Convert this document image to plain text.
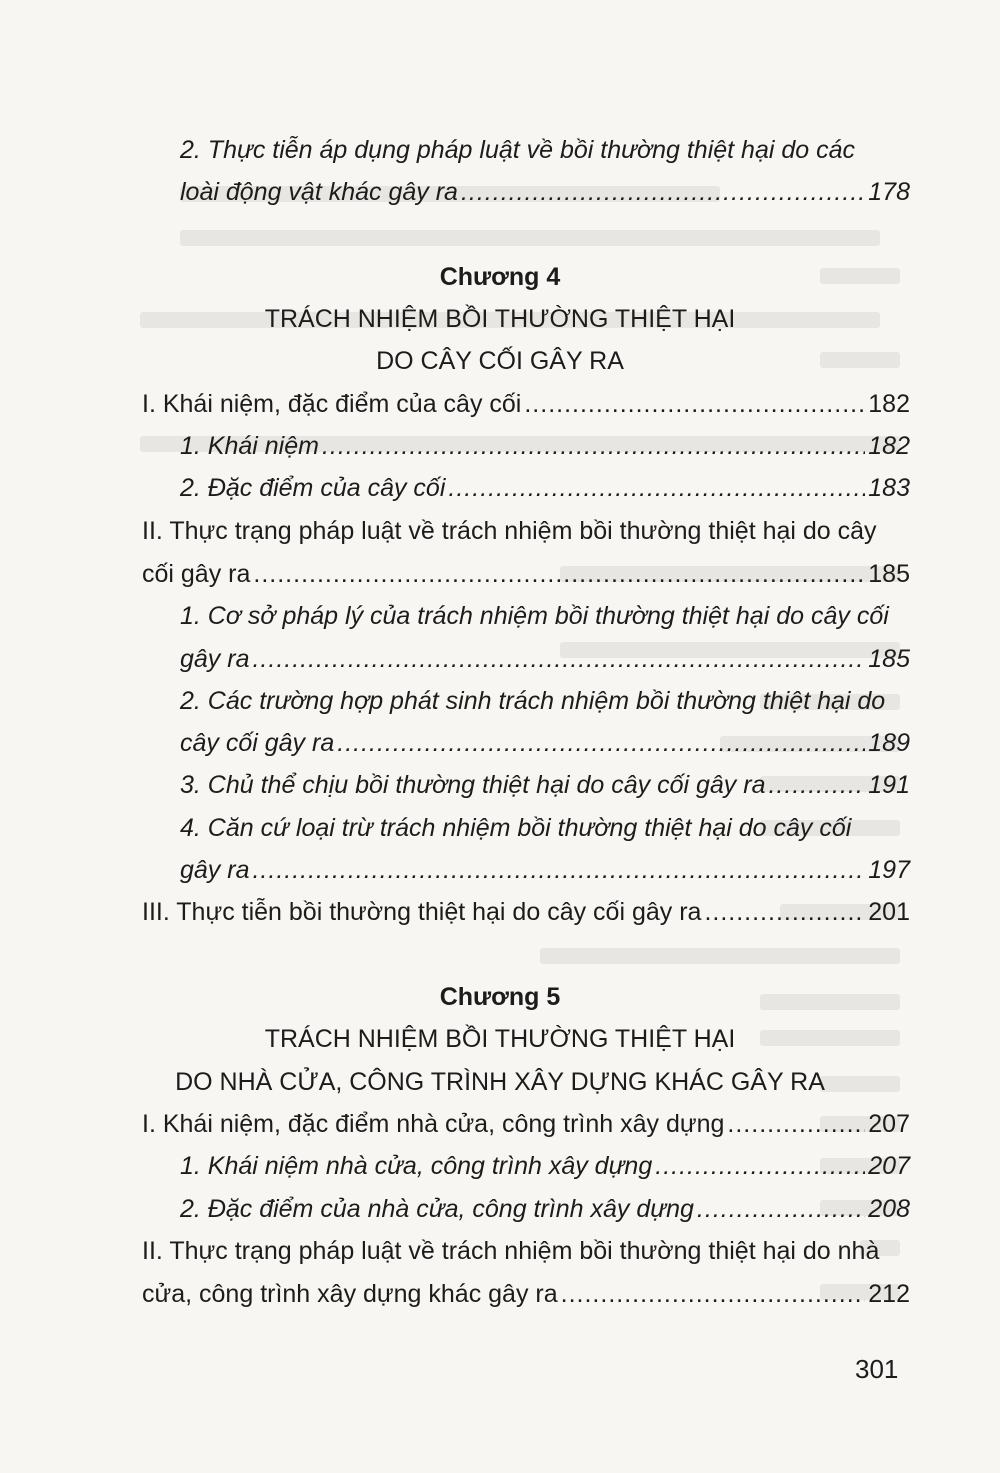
2. Thực tiễn áp dụng pháp luật về bồi thường thiệt hại do các
loài động vật khác gây ra .....	178
Chương 4
TRÁCH NHIỆM BỒI THƯỜNG THIỆT HẠI
DO CÂY CỐI GÂY RA
I. Khái niệm, đặc điểm của cây cối .....	182
1. Khái niệm .....	182
2. Đặc điểm của cây cối .....	183
II. Thực trạng pháp luật về trách nhiệm bồi thường thiệt hại do cây
cối gây ra .....	185
1. Cơ sở pháp lý của trách nhiệm bồi thường thiệt hại do cây cối
gây ra .....	185
2. Các trường hợp phát sinh trách nhiệm bồi thường thiệt hại do
cây cối gây ra .....	189
3. Chủ thể chịu bồi thường thiệt hại do cây cối gây ra .....	191
4. Căn cứ loại trừ trách nhiệm bồi thường thiệt hại do cây cối
gây ra .....	197
III. Thực tiễn bồi thường thiệt hại do cây cối gây ra .....	201
Chương 5
TRÁCH NHIỆM BỒI THƯỜNG THIỆT HẠI
DO NHÀ CỬA, CÔNG TRÌNH XÂY DỰNG KHÁC GÂY RA
I. Khái niệm, đặc điểm nhà cửa, công trình xây dựng .....	207
1. Khái niệm nhà cửa, công trình xây dựng .....	207
2. Đặc điểm của nhà cửa, công trình xây dựng .....	208
II. Thực trạng pháp luật về trách nhiệm bồi thường thiệt hại do nhà
cửa, công trình xây dựng khác gây ra .....	212
301
